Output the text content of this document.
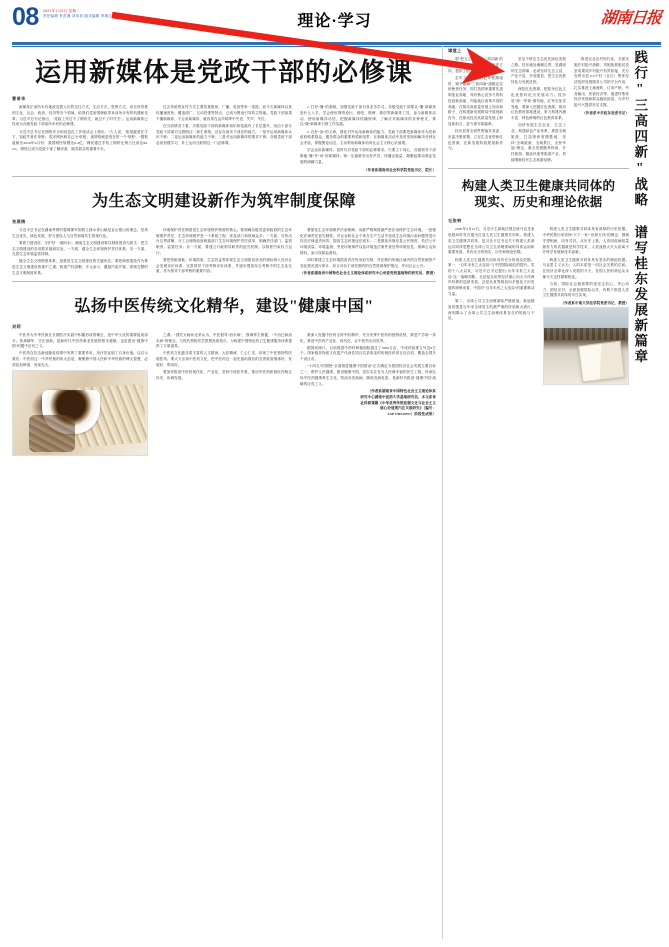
08 2021年1月5日 星期二
责任编辑 李茁湘 刘凤初 版式编辑 李珈文	理论·学习	湖南日报
运用新媒体是党政干部的必修课
曹普华

新媒体正前所未有地改变着人们的交往方式、生活方式、思维方式，举目皆带着别文化、社会、政治、经济等各个领域，给我们党治国理政带来前所未有的机遇和变革。习近平总书记指出，"党政工作过不了网络关，就过不了时代关"。运用新媒体已经成为各级党政干部前所未有的必修课。

习近平总书记在网络安全和信息化工作座谈会上指出："古人说，'知屋漏者在宇下，知政失者在草野'。很多网民称自己为'草根'，那网络就是现在的一个'草野'。"据报道截至2020年6月份，我国网民规模达9.4亿，网民通过手机上网的比例占比高达99.2%，网络已成为党政干部了解民意、服务群众的重要平台。

过去传统的宣传方式主要依靠报纸、广播、电视等单一渠道，而今天新媒体以其传播速度快、覆盖面广、互动性强等特点，已成为舆论引导的主阵地。党政干部如果不懂新媒体、不会用新媒体，就容易在众声喧哗中失语、失声、失位。

在当前情况下看，多数党政干部的新媒体知识和技能有了长足提升，但由于部分党政干部面对互联网这一新生事物，还存在诸多不适应的地方。一是对运用新媒体认识不够；二是运用新媒体的能力不够；三是对运用新媒体的要求不够。各级党政干部必须加强学习，补上运用互联网这一门必修课。

1. 打好"懂"的基础，加强党政干部自身业务学习。各级党政干部要从"懂"新媒体是什么入手，学会使用网络论坛、贴吧、微博、微信等新媒体工具，参与新媒体活动、使用新媒体话语，把握新媒体传播规律，了解应对新媒体的各种程式，要以"懂"新媒体引领工作实践。

2. 在好"用"的文章，强化对外运用新媒体的能力。党政干部要把新媒体作为党和政府联系群众、服务群众的重要桥梁和纽带，在新媒体活动中及时发现和解决各种社会矛盾，掌握舆论动态，主动利用新媒体培育社会主义核心价值观。

学会运用新媒体，是时代对党政干部的必修要求。只要上下同心，各级领导干部都能"懂"并"用"好新媒体，就一定能够发出好声音、传播正能量，凝聚起推动事业发展的磅礴力量。

（作者系湖南省社会科学院党组书记、院长）
为生态文明建设新作为筑牢制度保障
张燕梅

习近平总书记在湖南考察时强调要牢固树立绿水青山就是金山银山的理念，坚持生态优先、绿色发展，努力建设人与自然和谐共生的现代化。

要着力建设好、守护好'一湖四水'。湖南生态文明建设要以制度建设为抓手，把生态文明建设的各项要求落到实处。一方面，健全生态环境保护责任体系；另一方面，完善生态环境监管体制。

健全生态文明制度体系，是推进生态文明建设的关键所在。要把制度建设作为推进生态文明建设的重中之重，构建产权清晰、多元参与、激励约束并重、系统完整的生态文明制度体系。

环境保护责任制度是生态环境保护制度的核心。要明确各级党委和政府的生态环境保护责任，生态环境保护是一个系统工程，涉及部门和领域众多。一方面，尽快出台边界清晰、分工合理的政府职能部门生态环境保护责任清单，明确责任部门、监管职责、监管任务；另一方面，要建立行政领导职责的追究机制，以制度约束权力运行。

要把资源消耗、环境损害、生态效益等体现生态文明建设状况的指标纳入经济社会发展评价体系，完善领导干部考核评价体系，并逐步提高综合考核中的生态化比重，作为领导干部考核的重要内容。

要强化生态环境保护法治保障，用最严格制度最严密法治保护生态环境。一是强化法律责任追究制度，对企业和社会个体在生产生活中造成生态环境污染问题等进行经济法律追责问责，提高生态环境违法成本；二是强化环境信息公开制度，依法公开环境质量、环境监测、突发环境事件以及环境违法案件查处等环境信息，保障公众知情权、参与权和监督权。

同时要建立生态环境损害责任终身追究制，对任期内所辖区域内的自然资源资产变化情况进行审计，综合评价干部任期内的自然资源保护情况，并向社会公开。

（作者系湖南省中国特色社会主义理论体系研究中心省委党校基地特约研究员、教授）
弘扬中医传统文化精华，建设"健康中国"
刘莉

中医作为中华民族在长期医疗实践中积累形成的瑰宝，是中华文化的重要组成部分。传承精华、守正创新，是新时代中医药事业发展的根本遵循，也是建设"健康中国"的题中应有之义。

中医药在抗击新冠肺炎疫情中发挥了重要作用，用疗效证明了自身价值。这启示我们：中医药这一中华民族的伟大创造，凝聚着中国人民和中华民族的博大智慧，必须倍加珍惜、发扬光大。

之谓。"国医大师孙光荣认为，中医倡导"治未病"，强调养生保健，"不治已病治未病"的理念，与现代预防医学思想高度契合，为构建中国特色的卫生健康服务体系提供了丰厚滋养。

中医药文化蕴含着丰富的人文精神。大医精诚、仁心仁术，体现了中医独特的医德医风。要大力弘扬中医药文化，把中医药这一祖先留给我们的宝贵财富继承好、发展好、利用好。

要加快推进中医药现代化、产业化，坚持中西医并重，推动中医药和西医药相互补充、协调发展。

要深入发掘中医药宝库中的精华，充分发挥中医药的独特优势，推进产学研一体化，推进中医药产业化、现代化，让中医药走向世界。

据国家统计，目前我国中药材种植面积超过了5000万亩，中成药批准文号近6万个。国家级非物质文化遗产代表性项目名录收录的传统医药项目近百项，覆盖全国多个省区市。

"十四五"时期把"全面推进健康中国建设"正式确定为我国经济社会发展主要目标之一，维护人民健康、建设健康中国，是实实在在为人民谋幸福的民生工程。传承弘扬中医药健康养生文化，防治各类疾病、降低发病危害，是新时代推进"健康中国"战略的应有之义。

（作者系湖南省中国特色社会主义理论体系
研究中心湖南中医药大学基地研究员，本文系省
社科联课题《中华优秀传统医德文化与社会主义
核心价值观内在关联研究》〔编号：
XSP17BZZ097〕阶段性成果）
谭建上

明"把五心来关于'三高四新'的重要论述，为我们指明了前进方向，提供了根本遵循。

去年习近平总书记考察湖南时，赋予湖南"三高四新"战略定位和使命任务，即打造国家重要先进制造业高地、具有核心竞争力的科技创新高地、内陆地区改革开放的高地，在推动高质量发展上闯出新路子、在构建新发展格局中展现新作为、在推动经济高质量发展上彰显新担当、奋力谱写新篇章。

桂东县将全面贯彻落实省委、市委决策部署，立足生态优势和红色资源，在新发展阶段展现新作为。

坚定不移走生态优先绿色发展之路。桂东地处湘赣边界，是湖南的生态屏障，必须坚持生态立县、产业兴县、开放强县，把生态优势转化为发展优势。

深挖红色资源，把桂东红色文化优势转化为发展动力。桂东是"第一军规"颁布地，红军长征首发地，要深入挖掘红色资源，推动红色教育基地建设，努力构建内涵丰富、特色鲜明的红色教育体系。

加快发展生态农业、生态工业，构建绿色产业体系，推进全域旅游，打造康养度假胜地，坚持"全域旅游、全域景区、全民幸福"理念，重点发展徽养休闲、乡村旅游、精品民宿等旅游产业，持续唱响桂东生态旅游品牌。

推进农业农村现代化，全面实施乡村振兴战略，巩固拓展脱贫攻坚成果同乡村振兴有效衔接，充分发挥全县113个村（社区）集体经济组织发展服务公司的平台作用，扎实推进土地流转、订单产销、劳务输出、民宿经济等，促进村集体经济发展和群众稳收致富，为乡村振兴兴提供坚实支撑。

（作者系中共桂东县委书记）
构建人类卫生健康共同体的
现实、历史和理论依据
毛俊响

2020年3月21日，习近平主席就法国总统马克龙来电慰问时首次提出打造人类卫生健康共同体。构建人类卫生健康共同体，是习近平总书记关于构建人类命运共同体思想在全球公共卫生治理领域的具体运用和重要发展，具有充分的现实、历史和理论依据。

构建人类卫生健康共同体具有充分的现实依据。第一，"百年未有之大变局"与中国国际地位的提升。党的十八大以来，习近平总书记提出"百年未有之大变局"这一战略判断。无论是从世界经济重心向太平洋两岸转移的趋势来看，还是从世界格局向多极化方向发展的规律来看，中国对"百年未有之大变局"的重要推动力量。

第二，全球公共卫生治理面临严峻挑战。新冠肺炎疫情是百年来全球发生的最严重的传染病大流行，深刻揭示了全球公共卫生治理体系存在的短板与不足。

构建人类卫生健康共同体具有深厚的历史依据。中华民族历来崇尚"天下一家""协和万邦"的理念，强调守望相助、同舟共济。从历史上看，人类同疾病较量最有力的武器就是科学技术，人类战胜大灾大疫离不开科学发展和技术创新。

构建人类卫生健康共同体具有坚实的理论依据。马克思主义认为，人的本质是一切社会关系的总和。在经济全球化深入发展的今天，各国人民的命运从未像今天这样紧紧相连。

当前，国际社会最需要的是坚定信心、齐心协力、团结应对，全面加强国际合作，有利于推进人类卫生健康共同体的早日实现。

（作者系中南大学法学院党委书记、教授） 践行"三高四新"战略 谱写桂东发展新篇章
